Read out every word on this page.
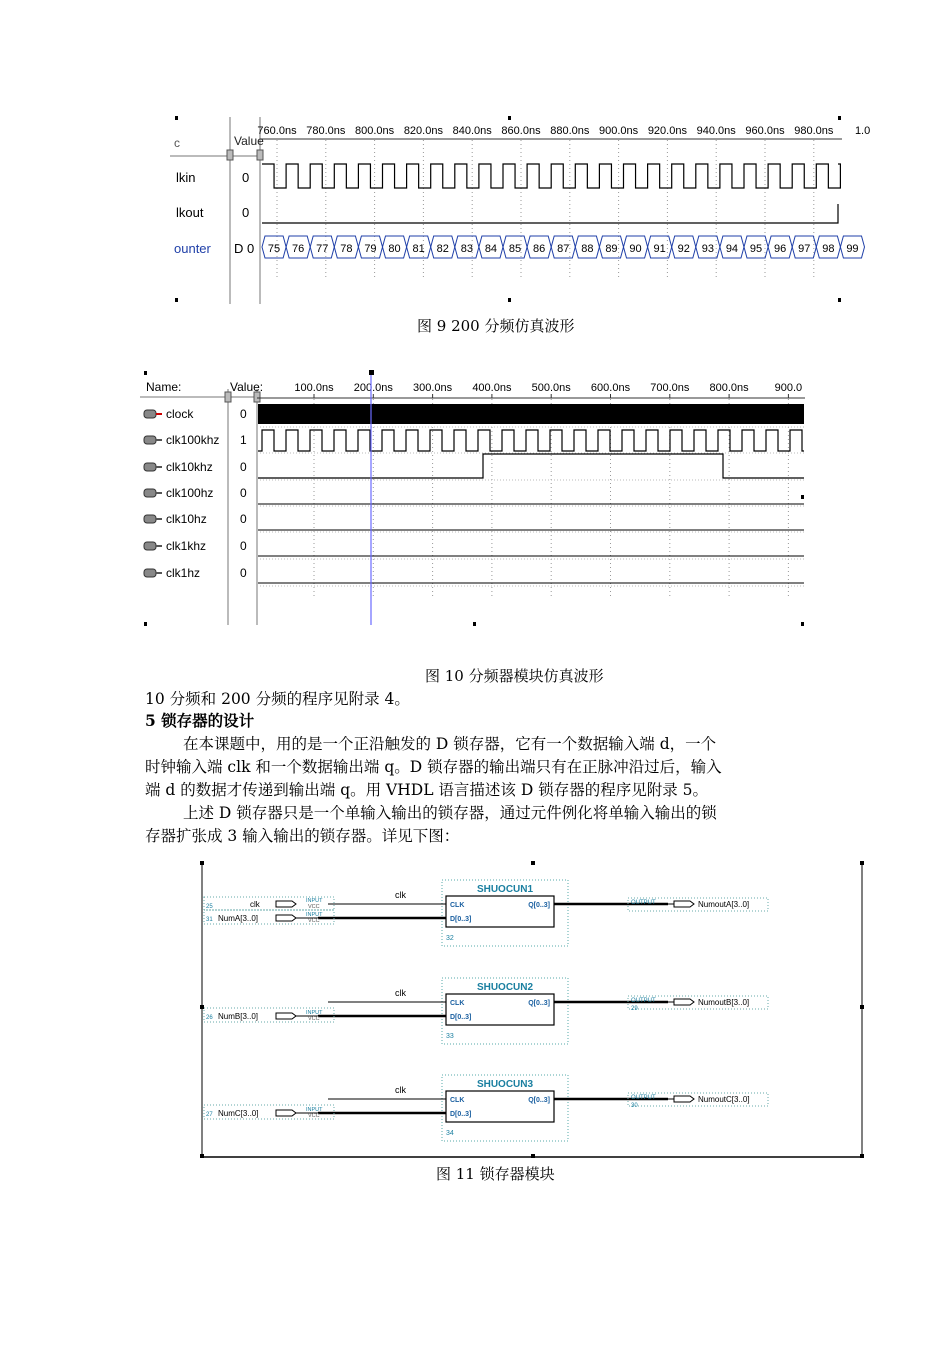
760.0ns 780.0ns 800.0ns 820.0ns 840.0ns 860.0ns 880.0ns 900.0ns 920.0ns 940.0ns 960.0ns 980.0ns 1.0
c	Value
lkin	0
lkout	0
ounter D 0 75 76 77 78 79 80 81 82 83 84 85 86 87 88 89 90 91 92 93 94 95 96 97 98 99
图 9 200 分频仿真波形
100.0ns 200.0ns 300.0ns 400.0ns 500.0ns 600.0ns 700.0ns 800.0ns 900.0
Name:	Value:
clock	0
clk100khz 1
clk10khz 0
clk100hz 0
clk10hz	0
clk1khz	0
clk1hz	0
图 10 分频器模块仿真波形
10 分频和 200 分频的程序见附录 4。
5 锁存器的设计
在本课题中，用的是一个正沿触发的 D 锁存器，它有一个数据输入端 d，一个
时钟输入端 clk 和一个数据输出端 q。D 锁存器的输出端只有在正脉冲沿过后，输入
端 d 的数据才传递到输出端 q。用 VHDL 语言描述该 D 锁存器的程序见附录 5。
上述 D 锁存器只是一个单输入输出的锁存器，通过元件例化将单输入输出的锁
存器扩张成 3 输入输出的锁存器。详见下图：
SHUOCUN1
CLK
D[0..3]
Q[0..3]
32
clk
OUTPUT	NumoutA[3..0]
31 NumA[3..0]	INPUT
VCC
25	clk	INPUT
VCC
SHUOCUN2
CLK
D[0..3]
Q[0..3]
33
clk
OUTPUT
29
NumoutB[3..0]
26 NumB[3..0]	INPUT
VCC
SHUOCUN3
CLK
D[0..3]
Q[0..3]
34
clk
OUTPUT
30
NumoutC[3..0]
27 NumC[3..0]	INPUT
VCC
图 11 锁存器模块
